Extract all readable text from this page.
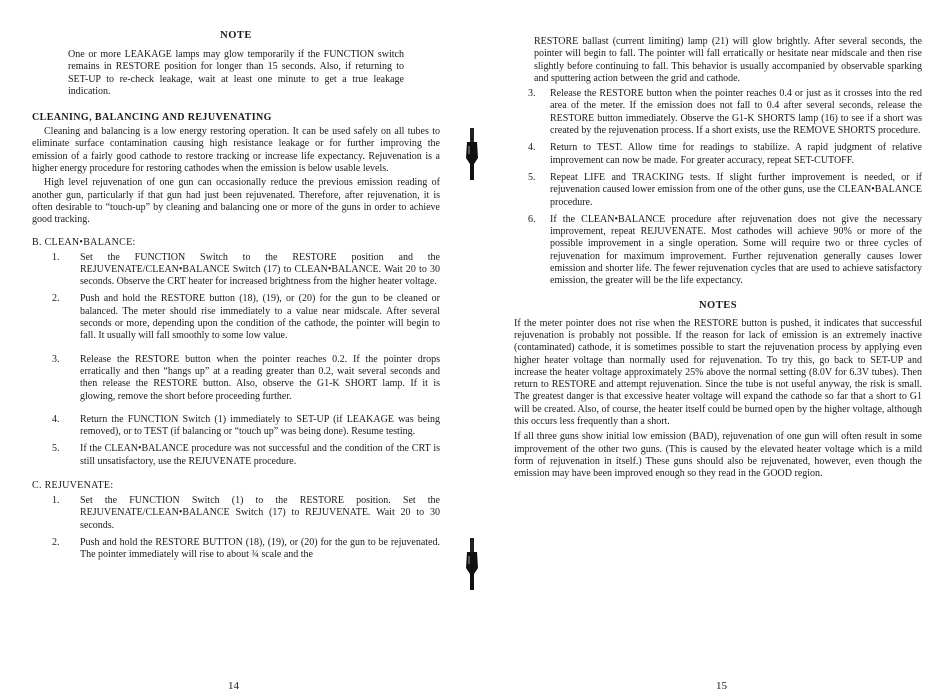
NOTE

One or more LEAKAGE lamps may glow temporarily if the FUNCTION switch remains in RESTORE position for longer than 15 seconds. Also, if returning to SET-UP to re-check leakage, wait at least one minute to get a true leakage indication.

CLEANING, BALANCING AND REJUVENATING

Cleaning and balancing is a low energy restoring operation. It can be used safely on all tubes to eliminate surface contamination causing high resistance leakage or for further improving the emission of a fairly good cathode to restore tracking or increase life expectancy. Rejuvenation is a higher energy procedure for restoring cathodes when the emission is below usable levels.

High level rejuvenation of one gun can occasionally reduce the previous emission reading of another gun, particularly if that gun had just been rejuvenated. Therefore, after rejuvenation, it is often desirable to “touch-up” by cleaning and balancing one or more of the guns in order to achieve good tracking.

B. CLEAN•BALANCE:
1. Set the FUNCTION Switch to the RESTORE position and the REJUVENATE/CLEAN•BALANCE Switch (17) to CLEAN•BALANCE. Wait 20 to 30 seconds. Observe the CRT heater for increased brightness from the higher heater voltage.
2. Push and hold the RESTORE button (18), (19), or (20) for the gun to be cleaned or balanced. The meter should rise immediately to a value near midscale. After several seconds or more, depending upon the condition of the cathode, the pointer will begin to fall. It usually will fall smoothly to some low value.
3. Release the RESTORE button when the pointer reaches 0.2. If the pointer drops erratically and then “hangs up” at a reading greater than 0.2, wait several seconds and then release the RESTORE button. Also, observe the G1-K SHORT lamp. If it is glowing, remove the short before proceeding further.
4. Return the FUNCTION Switch (1) immediately to SET-UP (if LEAKAGE was being removed), or to TEST (if balancing or “touch up” was being done). Resume testing.
5. If the CLEAN•BALANCE procedure was not successful and the condition of the CRT is still unsatisfactory, use the REJUVENATE procedure.
C. REJUVENATE:
1. Set the FUNCTION Switch (1) to the RESTORE position. Set the REJUVENATE/CLEAN•BALANCE Switch (17) to REJUVENATE. Wait 20 to 30 seconds.
2. Push and hold the RESTORE BUTTON (18), (19), or (20) for the gun to be rejuvenated. The pointer immediately will rise to about ¾ scale and the
14

RESTORE ballast (current limiting) lamp (21) will glow brightly. After several seconds, the pointer will begin to fall. The pointer will fall erratically or hesitate near midscale and then rise slightly before continuing to fall. This behavior is usually accompanied by observable sparking and sputtering action between the grid and cathode.

3. Release the RESTORE button when the pointer reaches 0.4 or just as it crosses into the red area of the meter. If the emission does not fall to 0.4 after several seconds, release the RESTORE button immediately. Observe the G1-K SHORTS lamp (16) to see if a short was created by the rejuvenation process. If a short exists, use the REMOVE SHORTS procedure.
4. Return to TEST. Allow time for readings to stabilize. A rapid judgment of relative improvement can now be made. For greater accuracy, repeat SET-CUTOFF.
5. Repeat LIFE and TRACKING tests. If slight further improvement is needed, or if rejuvenation caused lower emission from one of the other guns, use the CLEAN•BALANCE procedure.
6. If the CLEAN•BALANCE procedure after rejuvenation does not give the necessary improvement, repeat REJUVENATE. Most cathodes will achieve 90% or more of the possible improvement in a single operation. Some will require two or three cycles of rejuvenation for maximum improvement. Further rejuvenation generally causes lower emission and shorter life. The fewer rejuvenation cycles that are used to achieve satisfactory emission, the greater will be the life expectancy.
NOTES

If the meter pointer does not rise when the RESTORE button is pushed, it indicates that successful rejuvenation is probably not possible. If the reason for lack of emission is an extremely inactive (contaminated) cathode, it is sometimes possible to start the rejuvenation process by applying even higher heater voltage than normally used for rejuvenation. To try this, go back to SET-UP and increase the heater voltage approximately 25% above the normal setting (8.0V for 6.3V tubes). Then return to RESTORE and attempt rejuvenation. Since the tube is not useful anyway, the risk is small. The greatest danger is that excessive heater voltage will expand the cathode so far that a short to G1 will be created. Also, of course, the heater itself could be burned open by the higher voltage, although this occurs less frequently than a short.

If all three guns show initial low emission (BAD), rejuvenation of one gun will often result in some improvement of the other two guns. (This is caused by the elevated heater voltage which is a mild form of rejuvenation in itself.) These guns should also be rejuvenated, however, even though the emission may have been improved enough so they read in the GOOD region.

15
